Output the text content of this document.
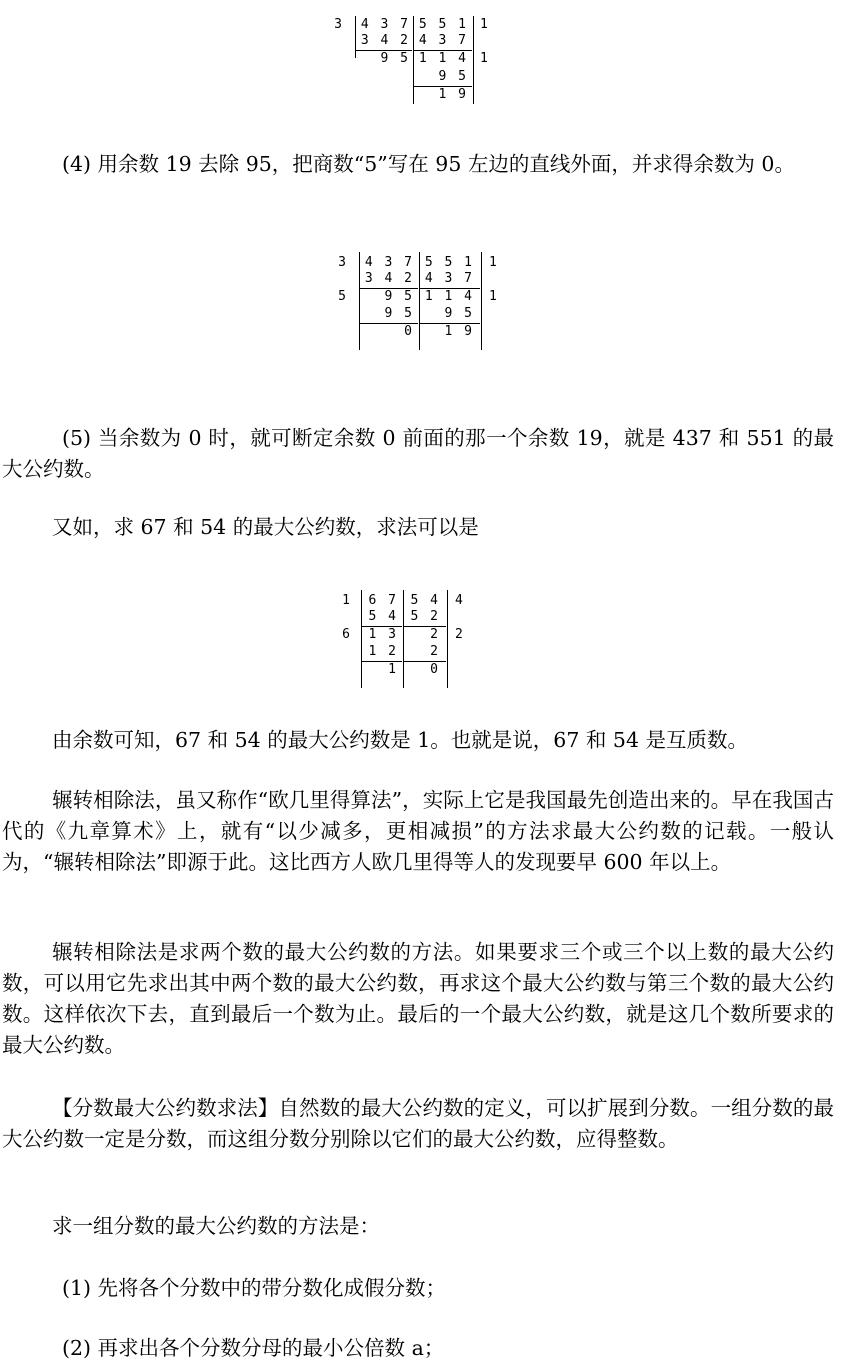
3 4 3 7
3 4 2
9 5
5 5 1
4 3 7
1 1 4
9 5
1 9
1
1

(4) 用余数 19 去除 95，把商数“5”写在 95 左边的直线外面，并求得余数为 0。

3
5
4 3 7
3 4 2
9 5
9 5
0
5 5 1
4 3 7
1 1 4
9 5
1 9
1
1

(5) 当余数为 0 时，就可断定余数 0 前面的那一个余数 19，就是 437 和 551 的最大公约数。

又如，求 67 和 54 的最大公约数，求法可以是

1
6
6 7
5 4
1 3
1 2
1
5 4
5 2
2
2
0
4
2

由余数可知，67 和 54 的最大公约数是 1。也就是说，67 和 54 是互质数。

辗转相除法，虽又称作“欧几里得算法”，实际上它是我国最先创造出来的。早在我国古代的《九章算术》上，就有“以少减多，更相减损”的方法求最大公约数的记载。一般认为，“辗转相除法”即源于此。这比西方人欧几里得等人的发现要早 600 年以上。

辗转相除法是求两个数的最大公约数的方法。如果要求三个或三个以上数的最大公约数，可以用它先求出其中两个数的最大公约数，再求这个最大公约数与第三个数的最大公约数。这样依次下去，直到最后一个数为止。最后的一个最大公约数，就是这几个数所要求的最大公约数。

【分数最大公约数求法】自然数的最大公约数的定义，可以扩展到分数。一组分数的最大公约数一定是分数，而这组分数分别除以它们的最大公约数，应得整数。

求一组分数的最大公约数的方法是：

(1) 先将各个分数中的带分数化成假分数；

(2) 再求出各个分数分母的最小公倍数 a；
